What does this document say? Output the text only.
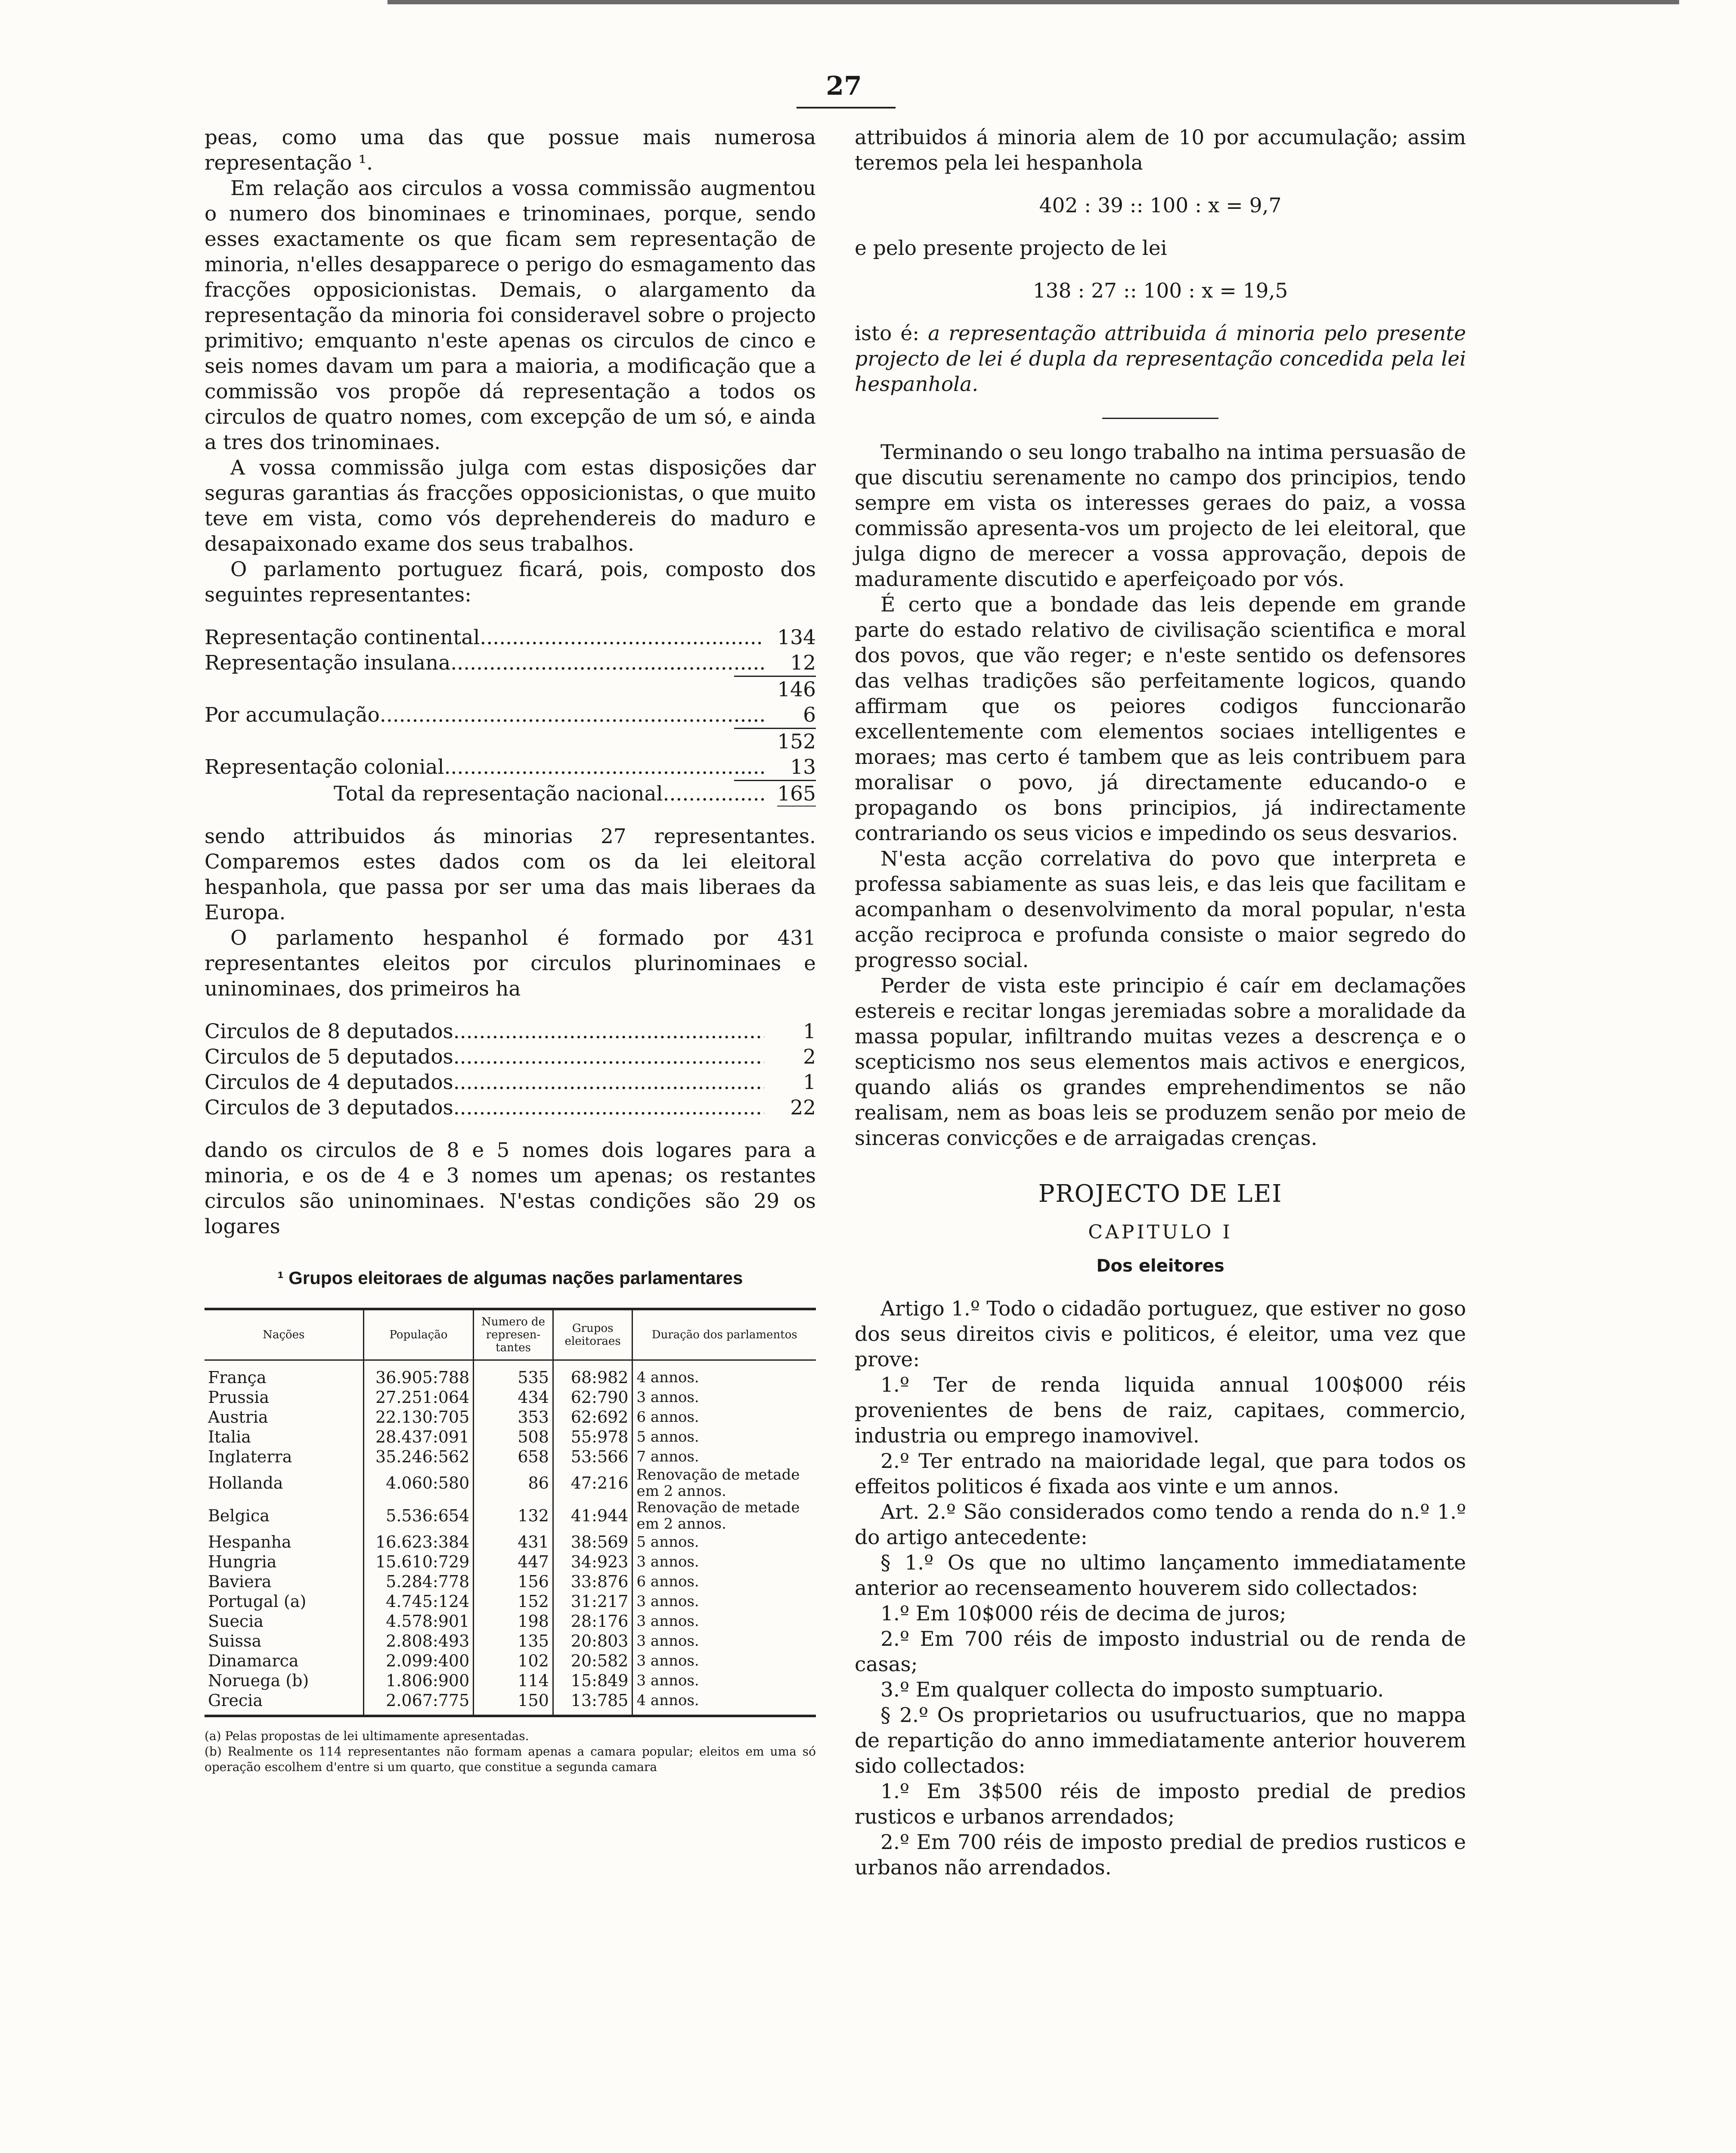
27

peas, como uma das que possue mais numerosa representação ¹.

Em relação aos circulos a vossa commissão augmentou o numero dos binominaes e trinominaes, porque, sendo esses exactamente os que ficam sem representação de minoria, n'elles desapparece o perigo do esmagamento das fracções opposicionistas. Demais, o alargamento da representação da minoria foi consideravel sobre o projecto primitivo; emquanto n'este apenas os circulos de cinco e seis nomes davam um para a maioria, a modificação que a commissão vos propõe dá representação a todos os circulos de quatro nomes, com excepção de um só, e ainda a tres dos trinominaes.

A vossa commissão julga com estas disposições dar seguras garantias ás fracções opposicionistas, o que muito teve em vista, como vós deprehendereis do maduro e desapaixonado exame dos seus trabalhos.

O parlamento portuguez ficará, pois, composto dos seguintes representantes:

Representação continental .....	134
Representação insulana .....	12
146
Por accumulação .....	6
152
Representação colonial .....	13
Total da representação nacional .....	165

sendo attribuidos ás minorias 27 representantes. Comparemos estes dados com os da lei eleitoral hespanhola, que passa por ser uma das mais liberaes da Europa.

O parlamento hespanhol é formado por 431 representantes eleitos por circulos plurinominaes e uninominaes, dos primeiros ha

Circulos de 8 deputados .....	1
Circulos de 5 deputados .....	2
Circulos de 4 deputados .....	1
Circulos de 3 deputados .....	22

dando os circulos de 8 e 5 nomes dois logares para a minoria, e os de 4 e 3 nomes um apenas; os restantes circulos são uninominaes. N'estas condições são 29 os logares

¹ Grupos eleitoraes de algumas nações parlamentares
Nações	População	Numero de represen-tantes	Grupos eleitoraes	Duração dos parlamentos
França	36.905:788	535	68:982	4 annos.
Prussia	27.251:064	434	62:790	3 annos.
Austria	22.130:705	353	62:692	6 annos.
Italia	28.437:091	508	55:978	5 annos.
Inglaterra	35.246:562	658	53:566	7 annos.
Hollanda	4.060:580	86	47:216	Renovação de metade em 2 annos.
Belgica	5.536:654	132	41:944	Renovação de metade em 2 annos.
Hespanha	16.623:384	431	38:569	5 annos.
Hungria	15.610:729	447	34:923	3 annos.
Baviera	5.284:778	156	33:876	6 annos.
Portugal (a)	4.745:124	152	31:217	3 annos.
Suecia	4.578:901	198	28:176	3 annos.
Suissa	2.808:493	135	20:803	3 annos.
Dinamarca	2.099:400	102	20:582	3 annos.
Noruega (b)	1.806:900	114	15:849	3 annos.
Grecia	2.067:775	150	13:785	4 annos.

(a) Pelas propostas de lei ultimamente apresentadas.

(b) Realmente os 114 representantes não formam apenas a camara popular; eleitos em uma só operação escolhem d'entre si um quarto, que constitue a segunda camara

attribuidos á minoria alem de 10 por accumulação; assim teremos pela lei hespanhola

402 : 39 :: 100 : x = 9,7

e pelo presente projecto de lei

138 : 27 :: 100 : x = 19,5

isto é: a representação attribuida á minoria pelo presente projecto de lei é dupla da representação concedida pela lei hespanhola.

Terminando o seu longo trabalho na intima persuasão de que discutiu serenamente no campo dos principios, tendo sempre em vista os interesses geraes do paiz, a vossa commissão apresenta-vos um projecto de lei eleitoral, que julga digno de merecer a vossa approvação, depois de maduramente discutido e aperfeiçoado por vós.

É certo que a bondade das leis depende em grande parte do estado relativo de civilisação scientifica e moral dos povos, que vão reger; e n'este sentido os defensores das velhas tradições são perfeitamente logicos, quando affirmam que os peiores codigos funccionarão excellentemente com elementos sociaes intelligentes e moraes; mas certo é tambem que as leis contribuem para moralisar o povo, já directamente educando-o e propagando os bons principios, já indirectamente contrariando os seus vicios e impedindo os seus desvarios.

N'esta acção correlativa do povo que interpreta e professa sabiamente as suas leis, e das leis que facilitam e acompanham o desenvolvimento da moral popular, n'esta acção reciproca e profunda consiste o maior segredo do progresso social.

Perder de vista este principio é caír em declamações estereis e recitar longas jeremiadas sobre a moralidade da massa popular, infiltrando muitas vezes a descrença e o scepticismo nos seus elementos mais activos e energicos, quando aliás os grandes emprehendimentos se não realisam, nem as boas leis se produzem senão por meio de sinceras convicções e de arraigadas crenças.

PROJECTO DE LEI
CAPITULO I
Dos eleitores

Artigo 1.º Todo o cidadão portuguez, que estiver no goso dos seus direitos civis e politicos, é eleitor, uma vez que prove:

1.º Ter de renda liquida annual 100$000 réis provenientes de bens de raiz, capitaes, commercio, industria ou emprego inamovivel.

2.º Ter entrado na maioridade legal, que para todos os effeitos politicos é fixada aos vinte e um annos.

Art. 2.º São considerados como tendo a renda do n.º 1.º do artigo antecedente:

§ 1.º Os que no ultimo lançamento immediatamente anterior ao recenseamento houverem sido collectados:

1.º Em 10$000 réis de decima de juros;

2.º Em 700 réis de imposto industrial ou de renda de casas;

3.º Em qualquer collecta do imposto sumptuario.

§ 2.º Os proprietarios ou usufructuarios, que no mappa de repartição do anno immediatamente anterior houverem sido collectados:

1.º Em 3$500 réis de imposto predial de predios rusticos e urbanos arrendados;

2.º Em 700 réis de imposto predial de predios rusticos e urbanos não arrendados.
